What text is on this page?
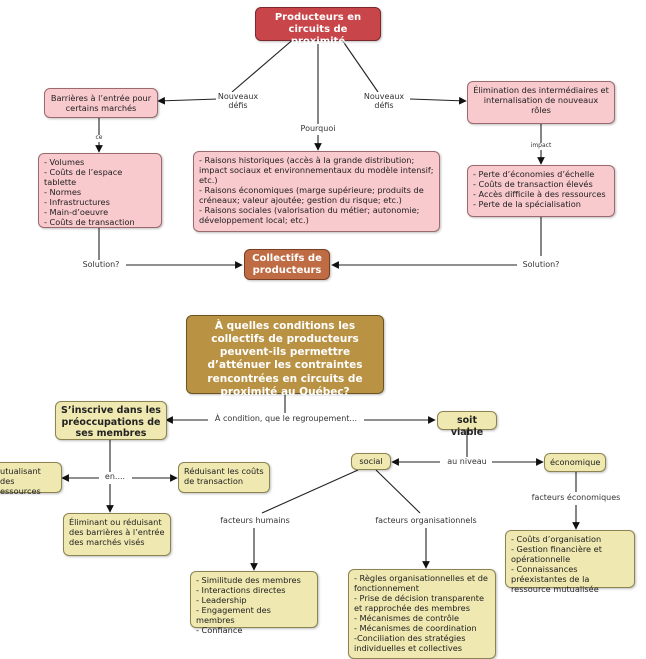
Producteurs en circuits de proximité
Barrières à l’entrée pour certains marchés
Élimination des intermédiaires et internalisation de nouveaux rôles
Nouveaux défis
Nouveaux défis
Pourquoi
ce
impact
- Volumes
- Coûts de l’espace tablette
- Normes
- Infrastructures
- Main-d’oeuvre
- Coûts de transaction
- Raisons historiques (accès à la grande distribution; impact sociaux et environnementaux du modèle intensif; etc.)
- Raisons économiques (marge supérieure; produits de créneaux; valeur ajoutée; gestion du risque; etc.)
- Raisons sociales (valorisation du métier; autonomie; développement local; etc.)
- Perte d’économies d’échelle
- Coûts de transaction élevés
- Accès difficile à des ressources
- Perte de la spécialisation
Solution?	Solution?
Collectifs de producteurs
À quelles conditions les collectifs de producteurs peuvent-ils permettre d’atténuer les contraintes rencontrées en circuits de proximité au Québec?
S’inscrive dans les préoccupations de ses membres
À condition, que le regroupement...	soit viable
utualisant des essources
en....
Réduisant les coûts de transaction
Éliminant ou réduisant des barrières à l’entrée des marchés visés
social	au niveau	économique
facteurs humains	facteurs organisationnels
facteurs économiques
- Similitude des membres
- Interactions directes
- Leadership
- Engagement des membres
- Confiance
- Règles organisationnelles et de fonctionnement
- Prise de décision transparente et rapprochée des membres
- Mécanismes de contrôle
- Mécanismes de coordination
-Conciliation des stratégies individuelles et collectives
- Coûts d’organisation
- Gestion financière et opérationnelle
- Connaissances préexistantes de la ressource mutualisée
